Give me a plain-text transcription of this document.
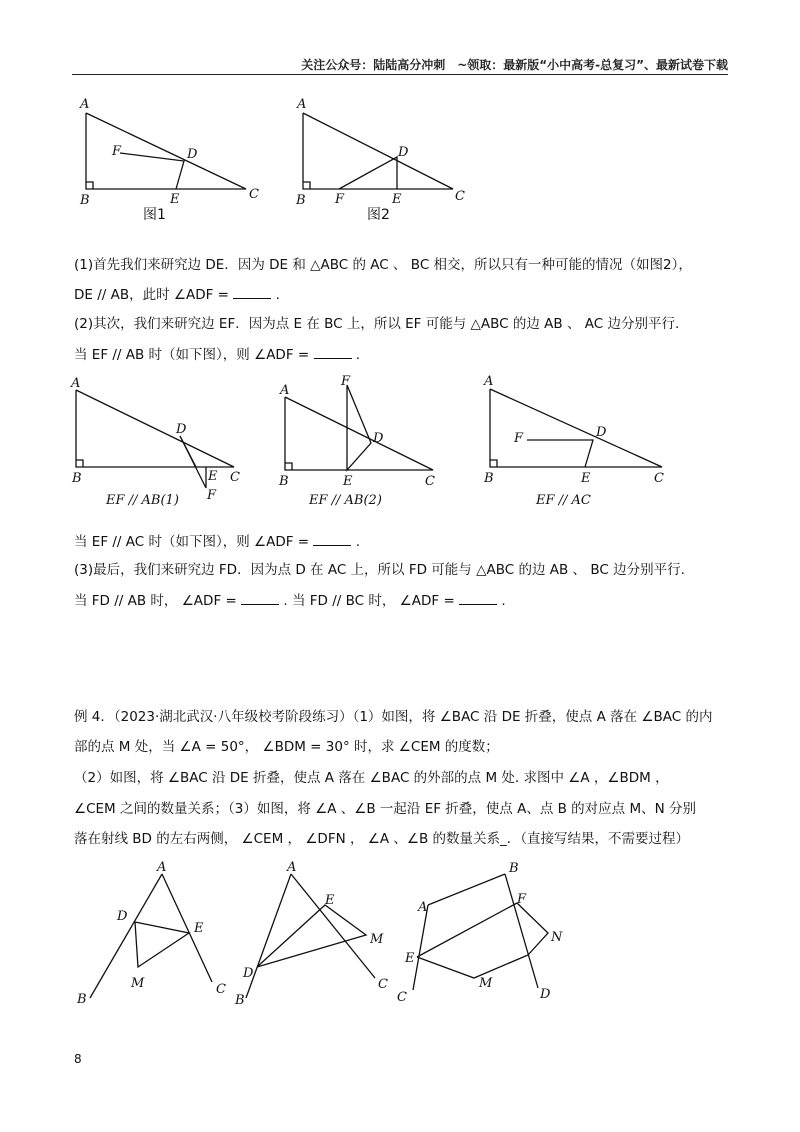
关注公众号：陆陆高分冲刺　~领取：最新版“小中高考-总复习”、最新试卷下载
A
B	C
D
E
F
图1
A
B	C
D
E
F
图2
A
B	C
D
E
F
EF // AB(1)
A
B	C
D
E
F
EF // AB(2)
A
B	C
D
E
F
EF // AC
A
D
E
M
B
C
A
E
M
D
B
C
A
B
F
N
E
M
C	D
(1)首先我们来研究边 DE．因为 DE 和 △ABC 的 AC 、 BC 相交，所以只有一种可能的情况（如图2），
DE // AB，此时 ∠ADF =	.
(2)其次，我们来研究边 EF．因为点 E 在 BC 上，所以 EF 可能与 △ABC 的边 AB 、 AC 边分别平行.
当 EF // AB 时（如下图），则 ∠ADF =	.
当 EF // AC 时（如下图），则 ∠ADF =	.
(3)最后，我们来研究边 FD．因为点 D 在 AC 上，所以 FD 可能与 △ABC 的边 AB 、 BC 边分别平行.
当 FD // AB 时， ∠ADF =	. 当 FD // BC 时， ∠ADF =	.
例 4．（2023·湖北武汉·八年级校考阶段练习）（1）如图，将 ∠BAC 沿 DE 折叠，使点 A 落在 ∠BAC 的内
部的点 M 处，当 ∠A = 50°， ∠BDM = 30° 时，求 ∠CEM 的度数；
（2）如图，将 ∠BAC 沿 DE 折叠，使点 A 落在 ∠BAC 的外部的点 M 处. 求图中 ∠A ，∠BDM ，
∠CEM 之间的数量关系；（3）如图，将 ∠A 、∠B 一起沿 EF 折叠，使点 A、点 B 的对应点 M、N 分别
落在射线 BD 的左右两侧， ∠CEM ， ∠DFN ， ∠A 、∠B 的数量关系_．（直接写结果，不需要过程）
8
